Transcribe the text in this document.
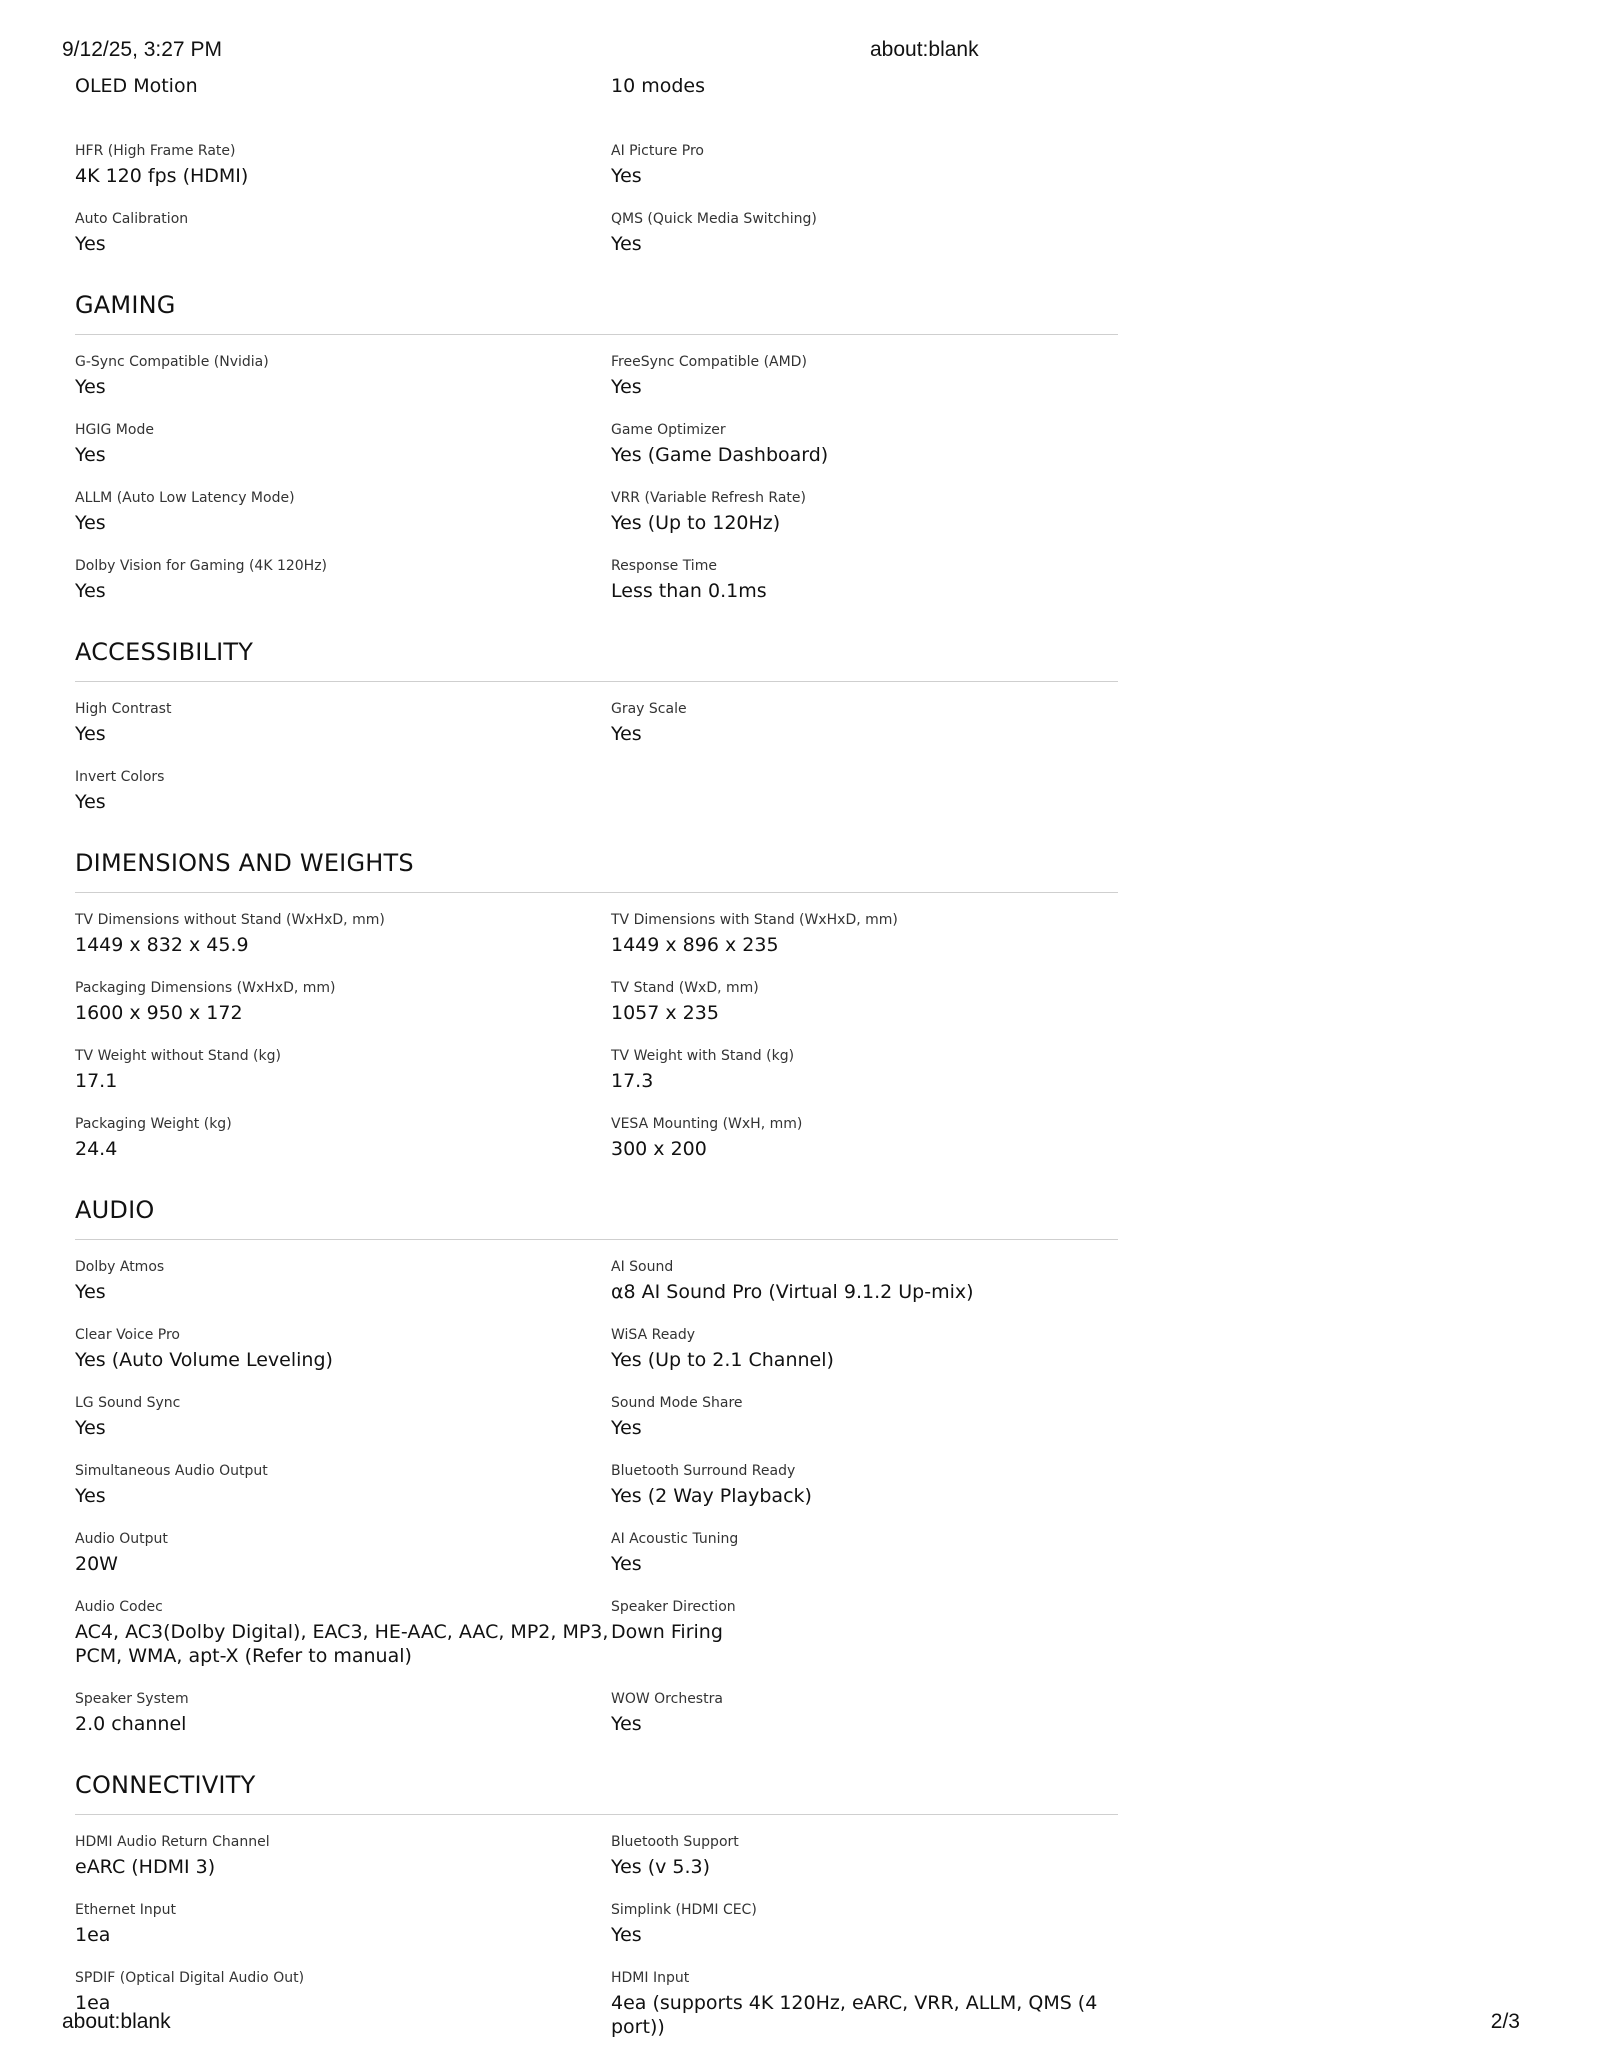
9/12/25, 3:27 PM	about:blank
OLED Motion	10 modes
HFR (High Frame Rate)
4K 120 fps (HDMI)
AI Picture Pro
Yes
Auto Calibration
Yes
QMS (Quick Media Switching)
Yes
GAMING
G-Sync Compatible (Nvidia)
Yes
FreeSync Compatible (AMD)
Yes
HGIG Mode
Yes
Game Optimizer
Yes (Game Dashboard)
ALLM (Auto Low Latency Mode)
Yes
VRR (Variable Refresh Rate)
Yes (Up to 120Hz)
Dolby Vision for Gaming (4K 120Hz)
Yes
Response Time
Less than 0.1ms
ACCESSIBILITY
High Contrast
Yes
Gray Scale
Yes
Invert Colors
Yes
DIMENSIONS AND WEIGHTS
TV Dimensions without Stand (WxHxD, mm)
1449 x 832 x 45.9
TV Dimensions with Stand (WxHxD, mm)
1449 x 896 x 235
Packaging Dimensions (WxHxD, mm)
1600 x 950 x 172
TV Stand (WxD, mm)
1057 x 235
TV Weight without Stand (kg)
17.1
TV Weight with Stand (kg)
17.3
Packaging Weight (kg)
24.4
VESA Mounting (WxH, mm)
300 x 200
AUDIO
Dolby Atmos
Yes
AI Sound
α8 AI Sound Pro (Virtual 9.1.2 Up-mix)
Clear Voice Pro
Yes (Auto Volume Leveling)
WiSA Ready
Yes (Up to 2.1 Channel)
LG Sound Sync
Yes
Sound Mode Share
Yes
Simultaneous Audio Output
Yes
Bluetooth Surround Ready
Yes (2 Way Playback)
Audio Output
20W
AI Acoustic Tuning
Yes
Audio Codec
AC4, AC3(Dolby Digital), EAC3, HE-AAC, AAC, MP2, MP3, PCM, WMA, apt-X (Refer to manual)
Speaker Direction
Down Firing
Speaker System
2.0 channel
WOW Orchestra
Yes
CONNECTIVITY
HDMI Audio Return Channel
eARC (HDMI 3)
Bluetooth Support
Yes (v 5.3)
Ethernet Input
1ea
Simplink (HDMI CEC)
Yes
SPDIF (Optical Digital Audio Out)
1ea
HDMI Input
4ea (supports 4K 120Hz, eARC, VRR, ALLM, QMS (4 port))
about:blank	2/3
